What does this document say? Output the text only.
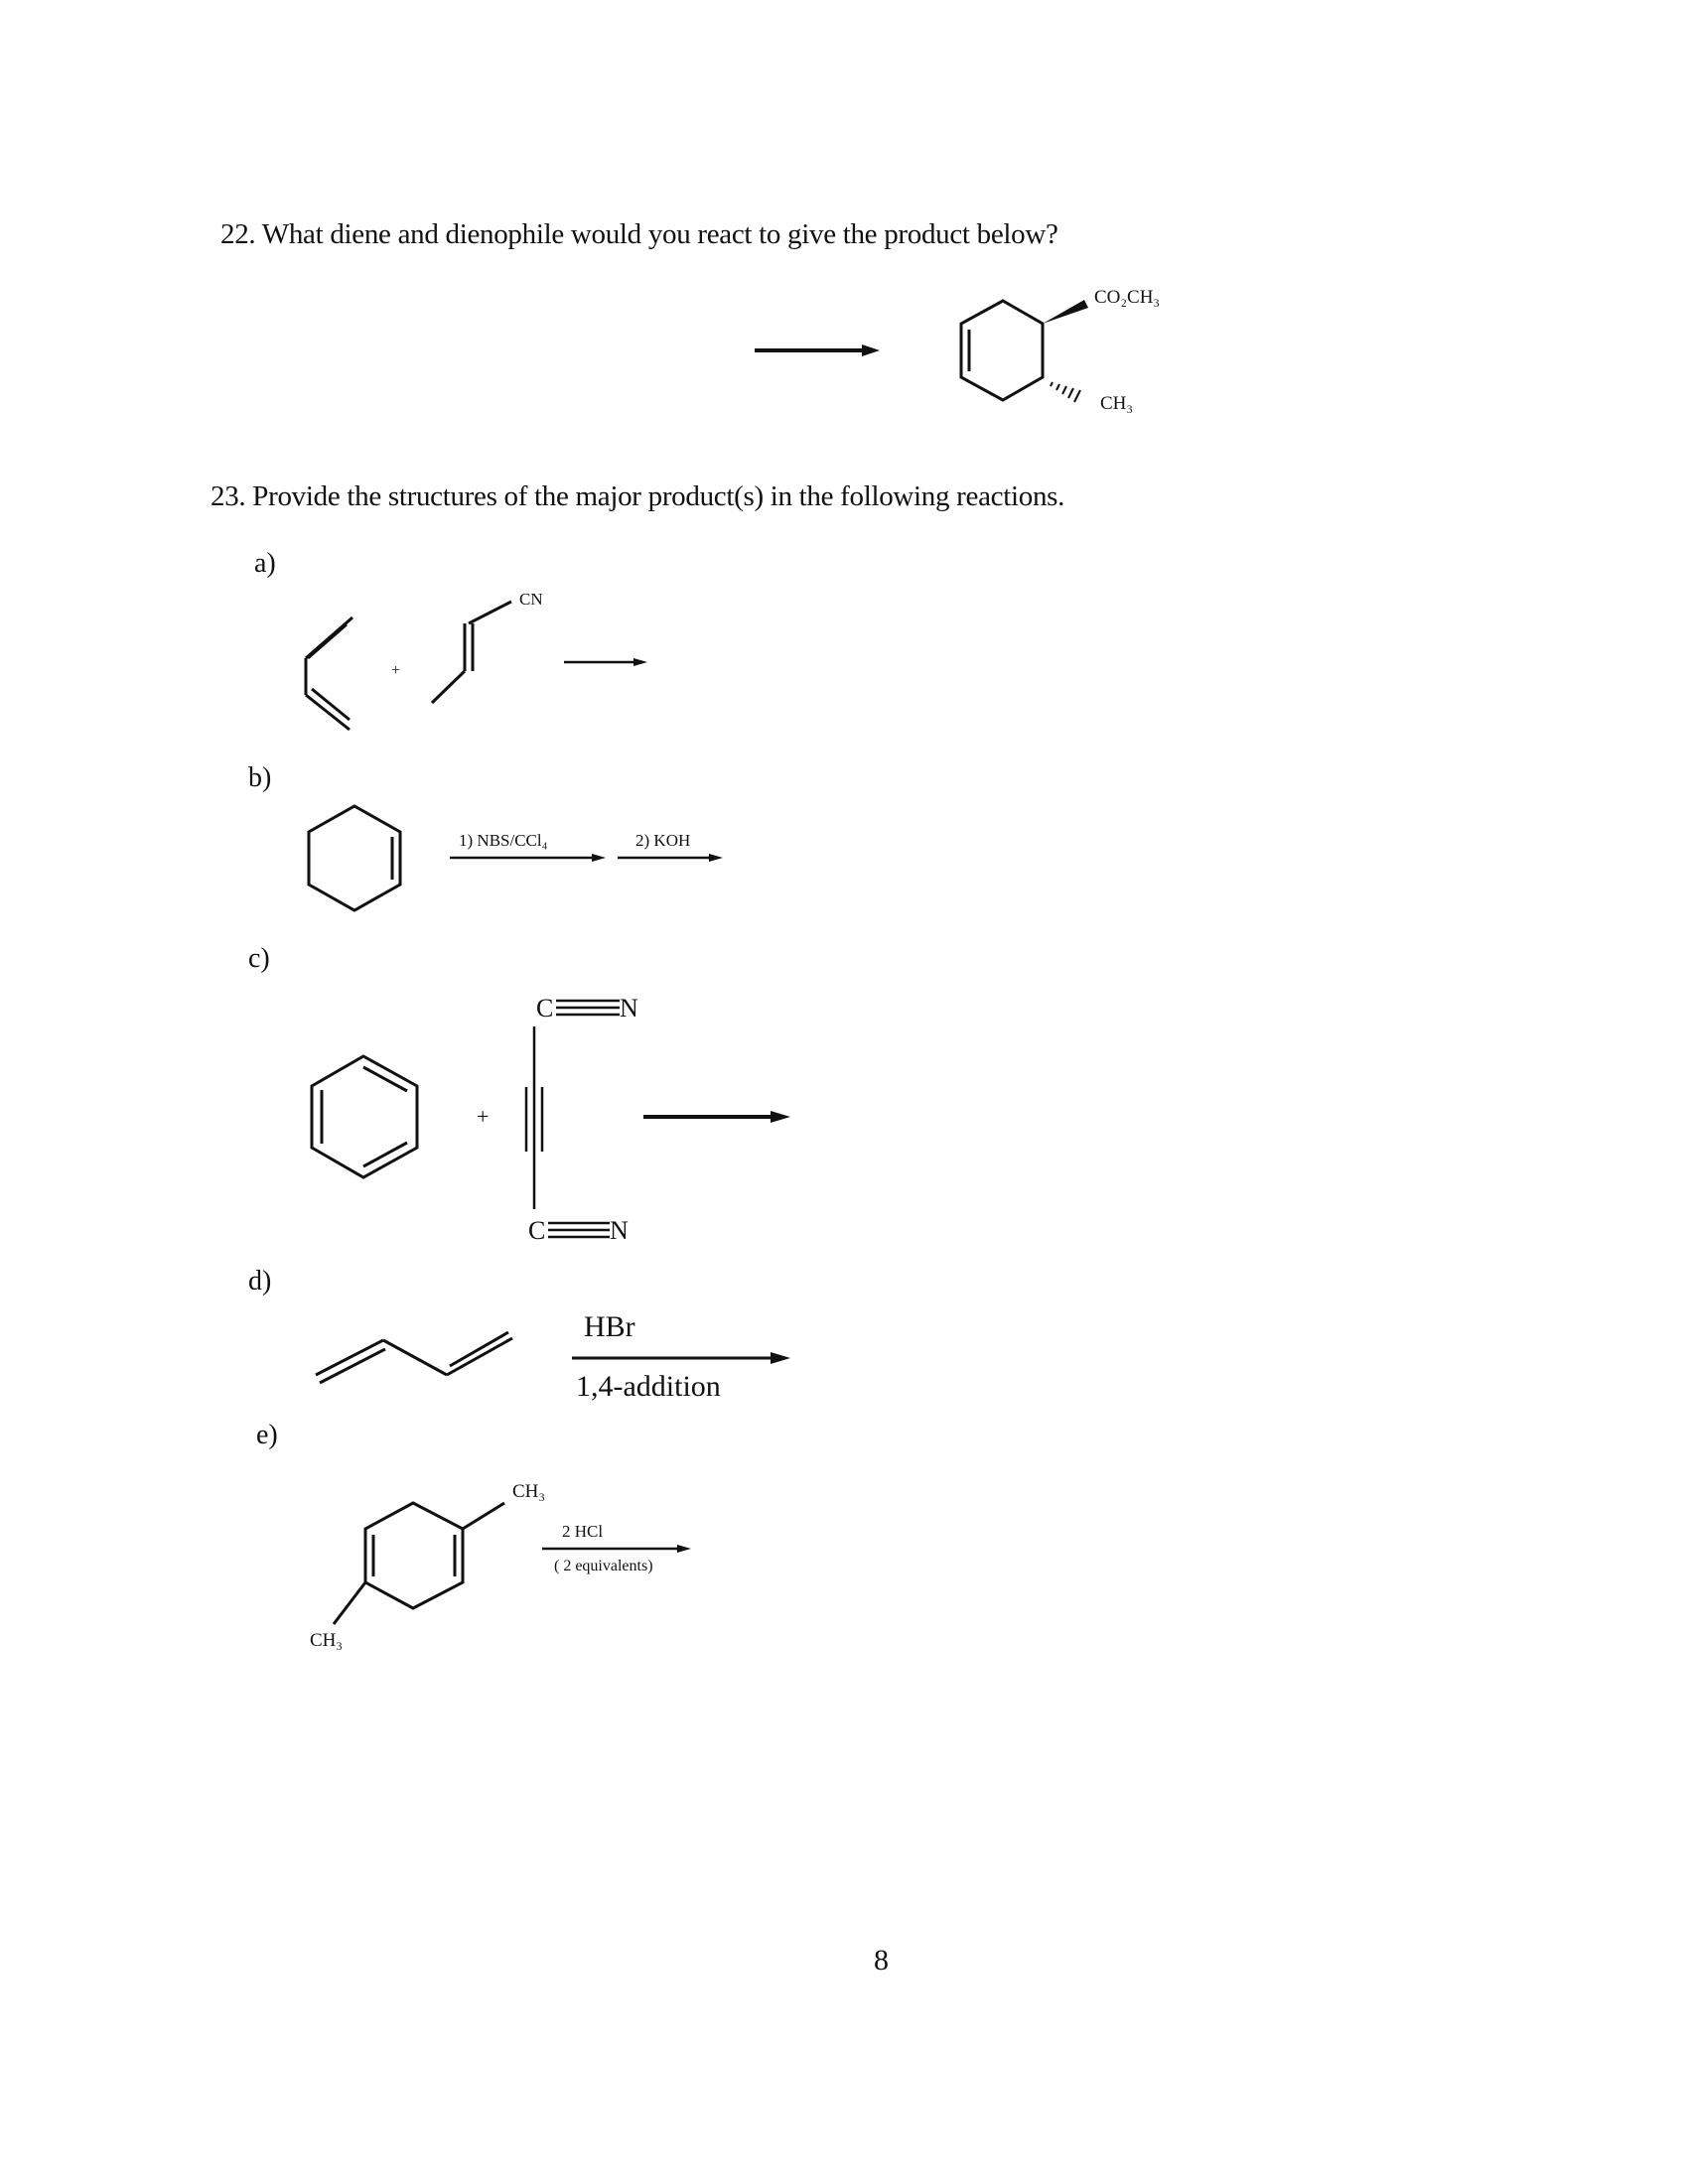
22. What diene and dienophile would you react to give the product below?
23. Provide the structures of the major product(s) in the following reactions.
a)
b)
c)
d)
e)
CO₂CH₃
CH₃
+
CN
1) NBS/CCl₄	2) KOH
+
C	N
C N
HBr
1,4-addition
CH₃
CH₃
2 HCl
( 2 equivalents)
8
